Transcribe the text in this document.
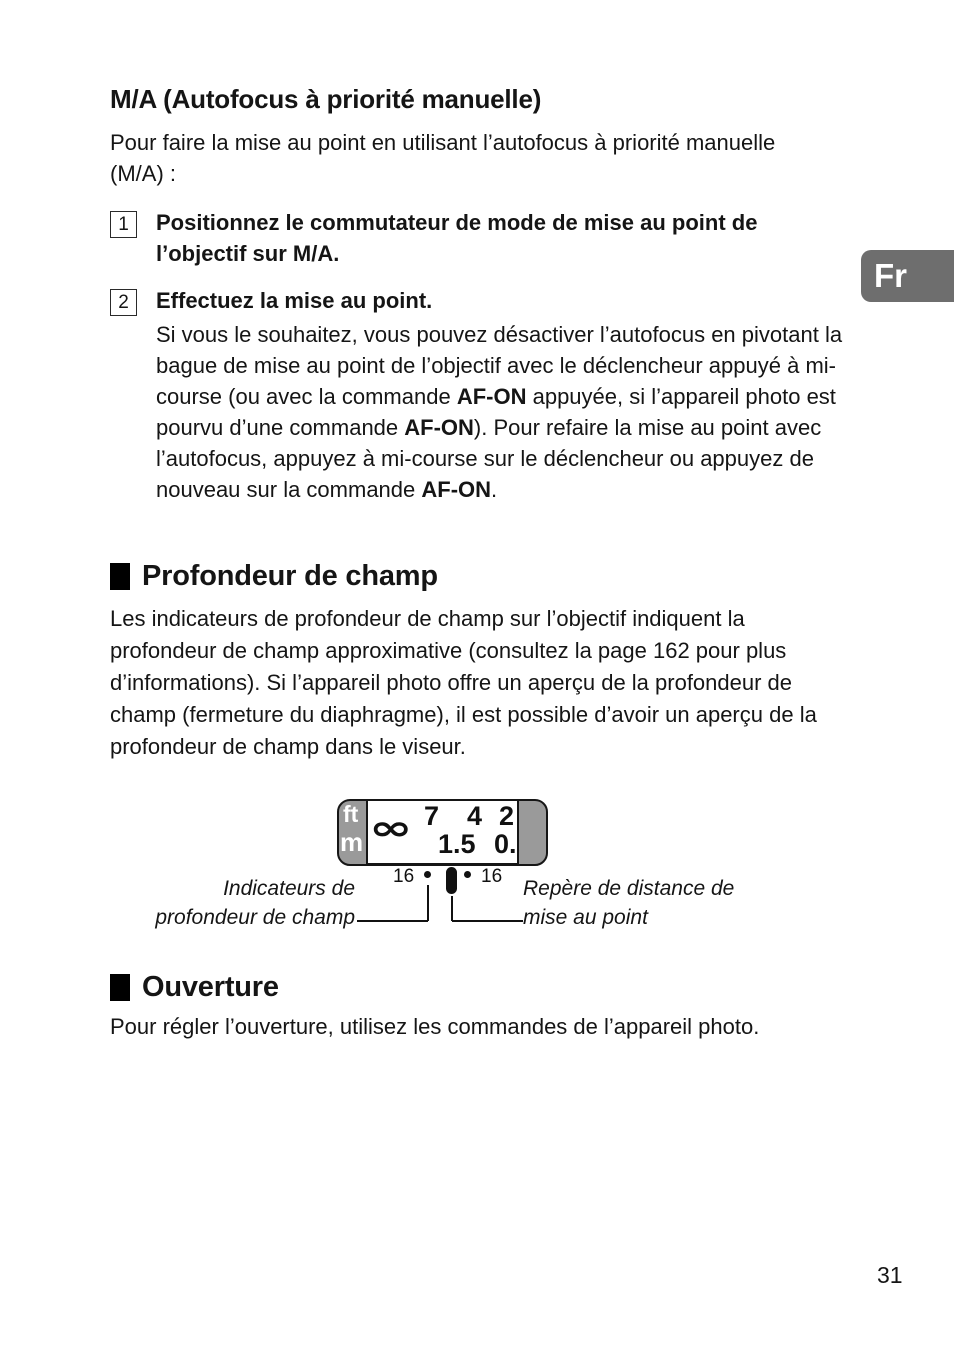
Fr
M/A (Autofocus à priorité manuelle)
Pour faire la mise au point en utilisant l’autofocus à priorité manuelle (M/A) :
1	Positionnez le commutateur de mode de mise au point de l’objectif sur M/A.
2	Effectuez la mise au point.
Si vous le souhaitez, vous pouvez désactiver l’autofocus en pivotant la bague de mise au point de l’objectif avec le déclencheur appuyé à mi-course (ou avec la commande AF-ON appuyée, si l’appareil photo est pourvu d’une commande AF-ON). Pour refaire la mise au point avec l’autofocus, appuyez à mi-course sur le déclencheur ou appuyez de nouveau sur la commande AF-ON.
Profondeur de champ
Les indicateurs de profondeur de champ sur l’objectif indiquent la profondeur de champ approximative (consultez la page 162 pour plus d’informations). Si l’appareil photo offre un aperçu de la profondeur de champ (fermeture du diaphragme), il est possible d’avoir un aperçu de la profondeur de champ dans le viseur.
ft
m
7 4 2
∞ 1.5 0.
16	16
Indicateurs de
profondeur de champ
Repère de distance de
mise au point
Ouverture
Pour régler l’ouverture, utilisez les commandes de l’appareil photo.
31
